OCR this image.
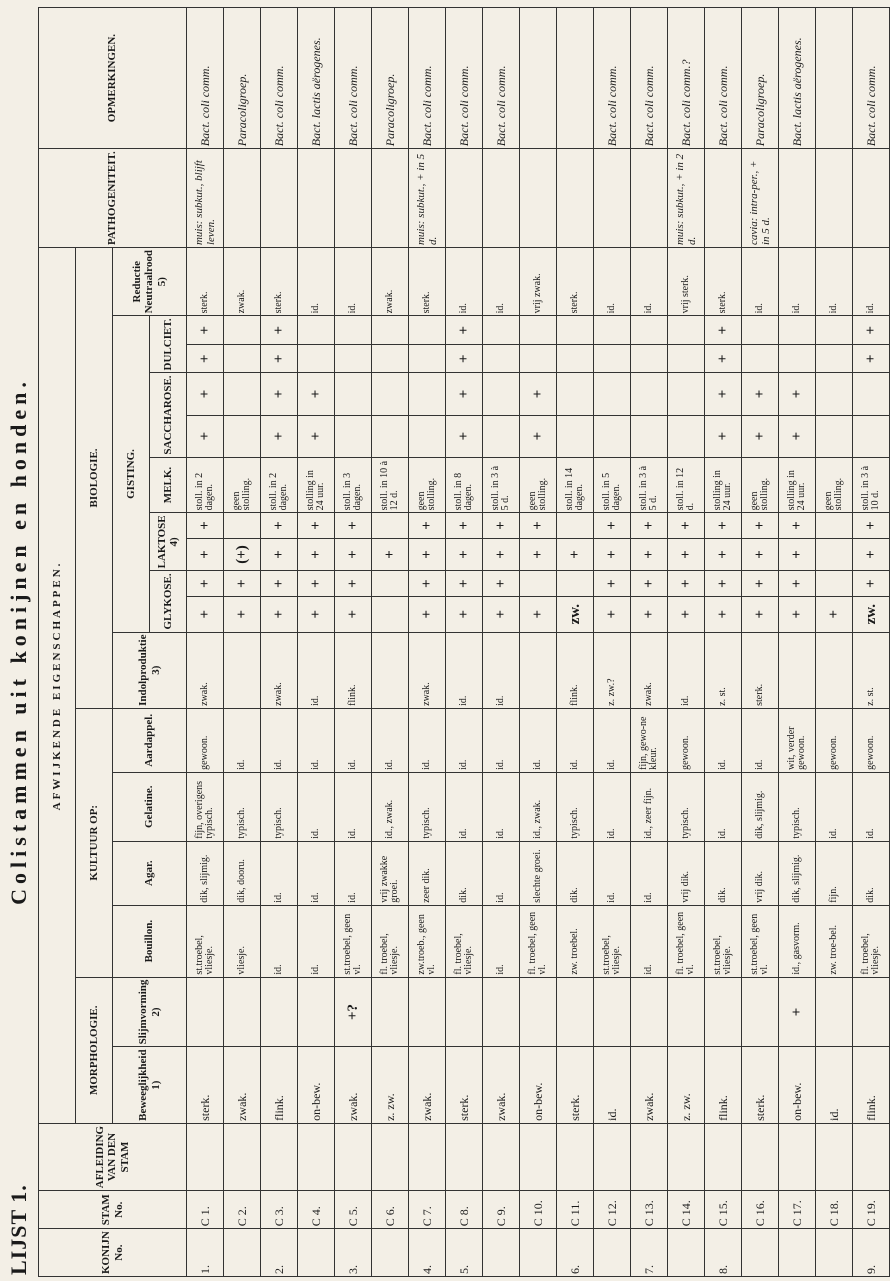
LIJST 1.
Colistammen uit konijnen en honden.
KONIJN No.	STAM No.	AFLEIDING VAN DEN STAM	AFWIJKENDE EIGENSCHAPPEN.																	PATHOGENITEIT.	OPMERKINGEN.
			MORPHOLOGIE.		KULTUUR OP:				BIOLOGIE.												
			Beweeglijkheid 1)	Slijmvorming 2)	Bouillon.	Agar.	Gelatine.	Aardappel.	Indolproduktie 3)	GISTING.									Reductie Neutraalrood 5)		
										GLYKOSE.		LAKTOSE 4)		MELK.	SACCHAROSE.		DULCIET.				
1.	C 1.		sterk.		st.troebel, vliesje.	dik, slijmig.	fijn, overigens typisch.	gewoon.	zwak.	+	+	+	+	stoll. in 2 dagen.	+	+	+	+	sterk.	muis: subkut., blijft leven.	Bact. coli comm.
	C 2.		zwak.		vliesje.	dik, dooru.	typisch.	id.		+	+	(+)		geen stolling.					zwak.		Paracoligroep.
2.	C 3.		flink.		id.	id.	typisch.	id.	zwak.	+	+	+	+	stoll. in 2 dagen.	+	+	+	+	sterk.		Bact. coli comm.
	C 4.		on-bew.		id.	id.	id.	id.	id.	+	+	+	+	stolling in 24 uur.	+	+			id.		Bact. lactis aërogenes.
3.	C 5.		zwak.	+?	st.troebel, geen vl.	id.	id.	id.	flink.	+	+	+	+	stoll. in 3 dagen.					id.		Bact. coli comm.
	C 6.		z. zw.		fl. troebel, vliesje.	vrij zwakke groei.	id., zwak.	id.				+		stoll. in 10 à 12 d.					zwak.		Paracoligroep.
4.	C 7.		zwak.		zw.troeb., geen vl.	zeer dik.	typisch.	id.	zwak.	+	+	+	+	geen stolling.					sterk.	muis: subkut., + in 5 d.	Bact. coli comm.
5.	C 8.		sterk.		fl. troebel, vliesje.	dik.	id.	id.	id.	+	+	+	+	stoll. in 8 dagen.	+	+	+	+	id.		Bact. coli comm.
	C 9.		zwak.		id.	id.	id.	id.	id.	+	+	+	+	stoll. in 3 à 5 d.					id.		Bact. coli comm.
	C 10.		on-bew.		fl. troebel, geen vl.	slechte groei.	id., zwak.	id.		+		+	+	geen stolling.	+	+			vrij zwak.		
6.	C 11.		sterk.		zw. troebel.	dik.	typisch.	id.	flink.	zw.		+		stoll. in 14 dagen.					sterk.		
	C 12.		id.		st.troebel, vliesje.	id.	id.	id.	z. zw.?	+	+	+	+	stoll. in 5 dagen.					id.		Bact. coli comm.
7.	C 13.		zwak.		id.	id.	id., zeer fijn.	fijn, gewo-ne kleur.	zwak.	+	+	+	+	stoll. in 3 à 5 d.					id.		Bact. coli comm.
	C 14.		z. zw.		fl. troebel, geen vl.	vrij dik.	typisch.	gewoon.	id.	+	+	+	+	stoll. in 12 d.					vrij sterk.	muis: subkut., + in 2 d.	Bact. coli comm.?
8.	C 15.		flink.		st.troebel, vliesje.	dik.	id.	id.	z. st.	+	+	+	+	stolling in 24 uur.	+	+	+	+	sterk.		Bact. coli comm.
	C 16.		sterk.		st.troebel, geen vl.	vrij dik.	dik, slijmig.	id.	sterk.	+	+	+	+	geen stolling.	+	+			id.	cavia: intra-per., + in 5 d.	Paracoligroep.
	C 17.		on-bew.	+	id., gasvorm.	dik, slijmig.	typisch.	wit, verder gewoon.		+	+	+	+	stolling in 24 uur.	+	+			id.		Bact. lactis aërogenes.
	C 18.		id.		zw. troe-bel.	fijn.	id.	gewoon.		+				geen stolling.					id.		
9.	C 19.		flink.		fl. troebel, vliesje.	dik.	id.	gewoon.	z. st.	zw.	+	+	+	stoll. in 3 à 10 d.			+	+	id.		Bact. coli comm.
